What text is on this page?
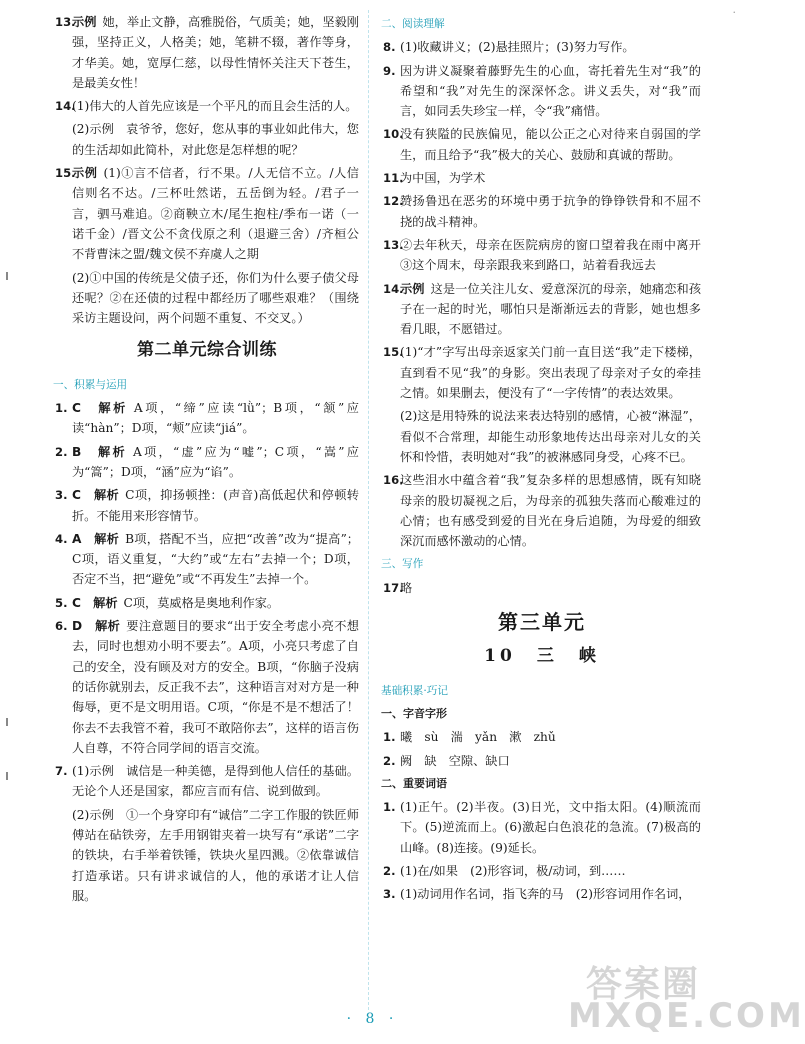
·
13.

示例 她，举止文静，高雅脱俗，气质美；她，坚毅刚强，坚持正义，人格美；她，笔耕不辍，著作等身，才华美。她，宽厚仁慈，以母性情怀关注天下苍生，是最美女性！

14.

(1)伟大的人首先应该是一个平凡的而且会生活的人。

(2)示例　袁爷爷，您好，您从事的事业如此伟大，您的生活却如此简朴，对此您是怎样想的呢？

15.

示例 (1)①言不信者，行不果。/人无信不立。/人信信则名不达。/三杯吐然诺，五岳倒为轻。/君子一言，驷马难追。②商鞅立木/尾生抱柱/季布一诺（一诺千金）/晋文公不贪伐原之利（退避三舍）/齐桓公不背曹沫之盟/魏文侯不弃虞人之期

(2)①中国的传统是父债子还，你们为什么要子债父母还呢？②在还债的过程中都经历了哪些艰难？（围绕采访主题设问，两个问题不重复、不交叉。）

第二单元综合训练
一、积累与运用
1. C　解析 A项，“缔”应读“lǜ”；B项，“颔”应读“hàn”；D项，“颊”应读“jiá”。

2. B　解析 A项，“虚”应为“嘘”；C项，“嵩”应为“篙”；D项，“涵”应为“谄”。

3. C　解析 C项，抑扬顿挫：(声音)高低起伏和停顿转折。不能用来形容情节。

4. A　解析 B项，搭配不当，应把“改善”改为“提高”；C项，语义重复，“大约”或“左右”去掉一个；D项，否定不当，把“避免”或“不再发生”去掉一个。

5. C　解析 C项，莫威格是奥地利作家。

6. D　解析 要注意题目的要求“出于安全考虑小亮不想去，同时也想劝小明不要去”。A项，小亮只考虑了自己的安全，没有顾及对方的安全。B项，“你脑子没病的话你就别去，反正我不去”，这种语言对对方是一种侮辱，更不是文明用语。C项，“你是不是不想活了！你去不去我管不着，我可不敢陪你去”，这样的语言伤人自尊，不符合同学间的语言交流。

7. (1)示例　诚信是一种美德，是得到他人信任的基础。无论个人还是国家，都应言而有信、说到做到。

(2)示例　①一个身穿印有“诚信”二字工作服的铁匠师傅站在砧铁旁，左手用钢钳夹着一块写有“承诺”二字的铁块，右手举着铁锤，铁块火星四溅。②依靠诚信打造承诺。只有讲求诚信的人，他的承诺才让人信服。

二、阅读理解
8. (1)收藏讲义；(2)悬挂照片；(3)努力写作。

9. 因为讲义凝聚着藤野先生的心血，寄托着先生对“我”的希望和“我”对先生的深深怀念。讲义丢失，对“我”而言，如同丢失珍宝一样，令“我”痛惜。

10.

没有狭隘的民族偏见，能以公正之心对待来自弱国的学生，而且给予“我”极大的关心、鼓励和真诚的帮助。

11.

为中国，为学术

12.

赞扬鲁迅在恶劣的环境中勇于抗争的铮铮铁骨和不屈不挠的战斗精神。

13.

②去年秋天，母亲在医院病房的窗口望着我在雨中离开　③这个周末，母亲跟我来到路口，站着看我远去

14.

示例 这是一位关注儿女、爱意深沉的母亲，她痛恋和孩子在一起的时光，哪怕只是渐渐远去的背影，她也想多看几眼，不愿错过。

15.

(1)“才”字写出母亲返家关门前一直目送“我”走下楼梯，直到看不见“我”的身影。突出表现了母亲对子女的牵挂之情。如果删去，便没有了“一字传情”的表达效果。

(2)这是用特殊的说法来表达特别的感情，心被“淋湿”，看似不合常理，却能生动形象地传达出母亲对儿女的关怀和怜惜，表明她对“我”的被淋感同身受，心疼不已。

16.

这些泪水中蕴含着“我”复杂多样的思想感情，既有知晓母亲的股切凝视之后，为母亲的孤独失落而心酸难过的心情；也有感受到爱的目光在身后追随，为母爱的细致深沉而感怀激动的心情。

三、写作
17.

略

第三单元
10　三　峡
基础积累·巧记
一、字音字形
1. 曦　sù　湍　yǎn　漱　zhǔ

2. 阙　缺　空隙、缺口

二、重要词语
1. (1)正午。(2)半夜。(3)日光，文中指太阳。(4)顺流而下。(5)逆流而上。(6)激起白色浪花的急流。(7)极高的山峰。(8)连接。(9)延长。

2. (1)在/如果　(2)形容词，极/动词，到……

3. (1)动词用作名词，指飞奔的马　(2)形容词用作名词，

答案圈
MXQE.COM
· 8 ·
